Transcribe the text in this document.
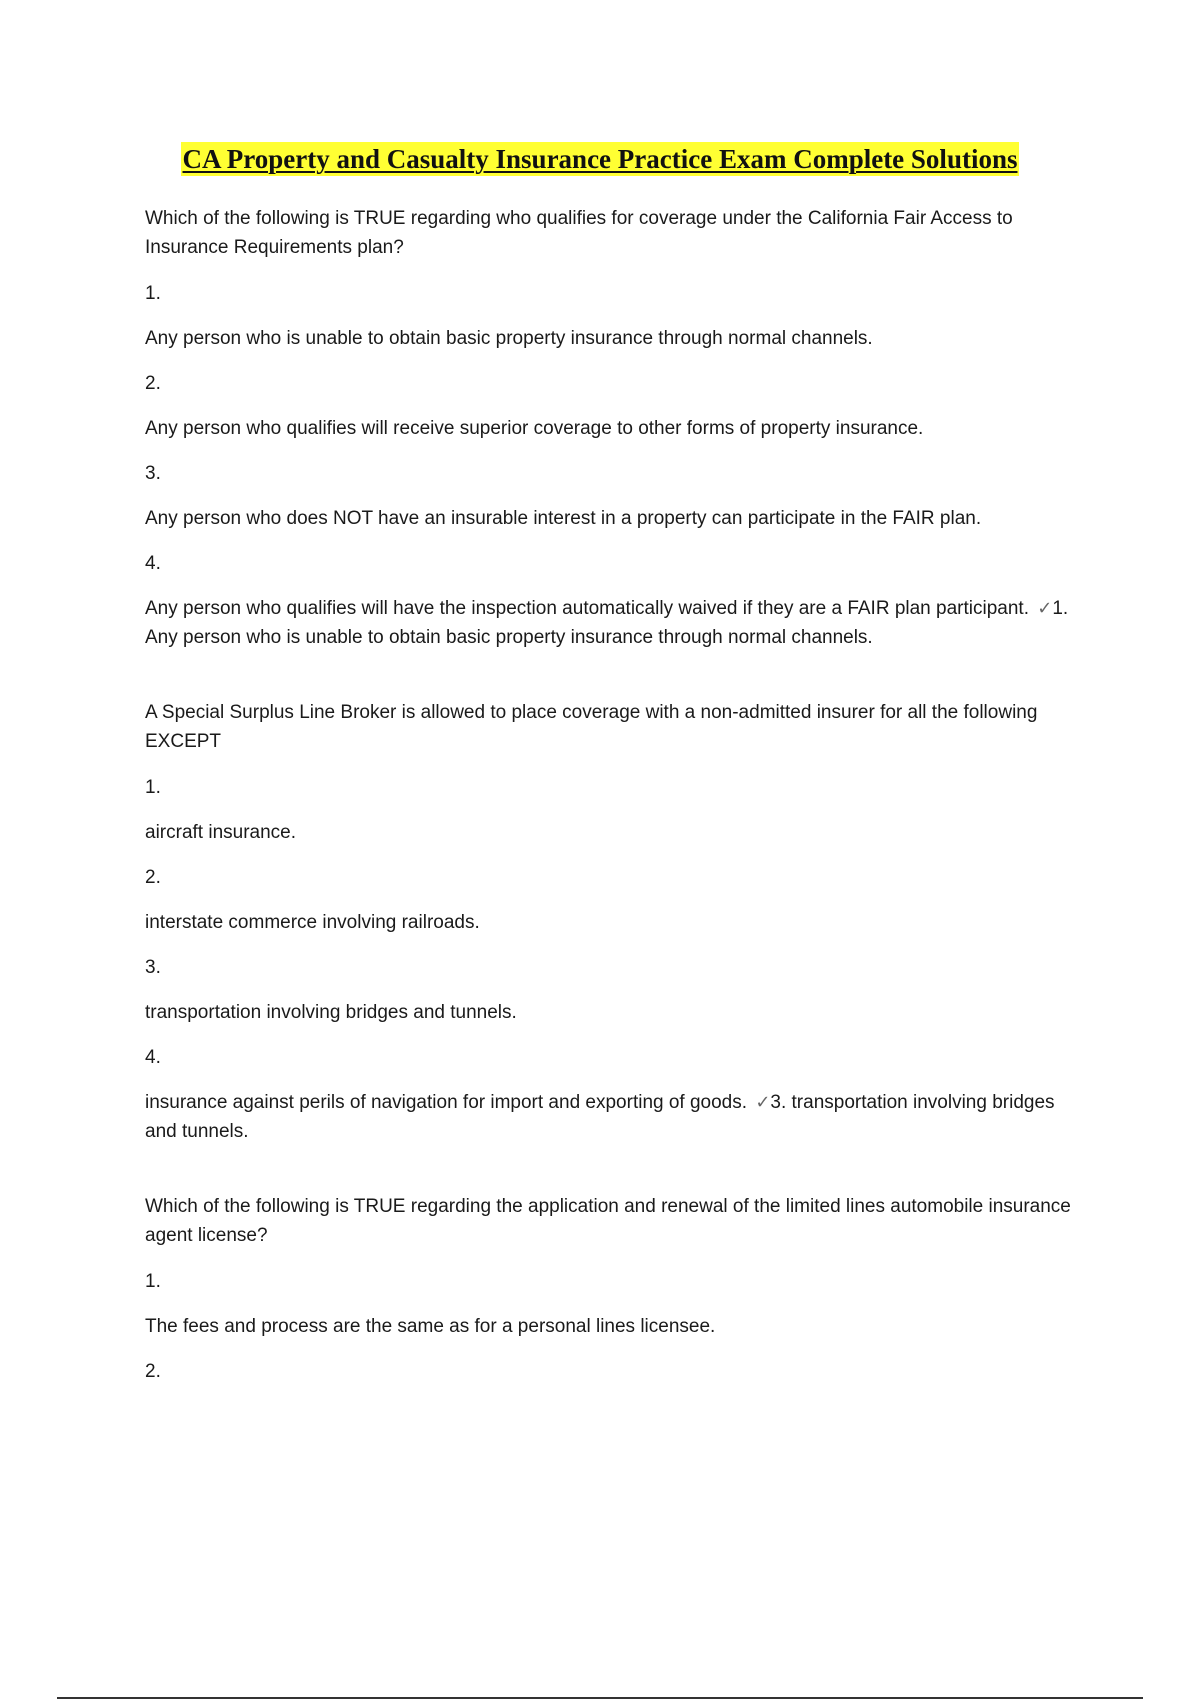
CA Property and Casualty Insurance Practice Exam Complete Solutions

Which of the following is TRUE regarding who qualifies for coverage under the California Fair Access to Insurance Requirements plan?

1.

Any person who is unable to obtain basic property insurance through normal channels.

2.

Any person who qualifies will receive superior coverage to other forms of property insurance.

3.

Any person who does NOT have an insurable interest in a property can participate in the FAIR plan.

4.

Any person who qualifies will have the inspection automatically waived if they are a FAIR plan participant. ✓1. Any person who is unable to obtain basic property insurance through normal channels.

A Special Surplus Line Broker is allowed to place coverage with a non-admitted insurer for all the following EXCEPT

1.

aircraft insurance.

2.

interstate commerce involving railroads.

3.

transportation involving bridges and tunnels.

4.

insurance against perils of navigation for import and exporting of goods. ✓3. transportation involving bridges and tunnels.

Which of the following is TRUE regarding the application and renewal of the limited lines automobile insurance agent license?

1.

The fees and process are the same as for a personal lines licensee.

2.
